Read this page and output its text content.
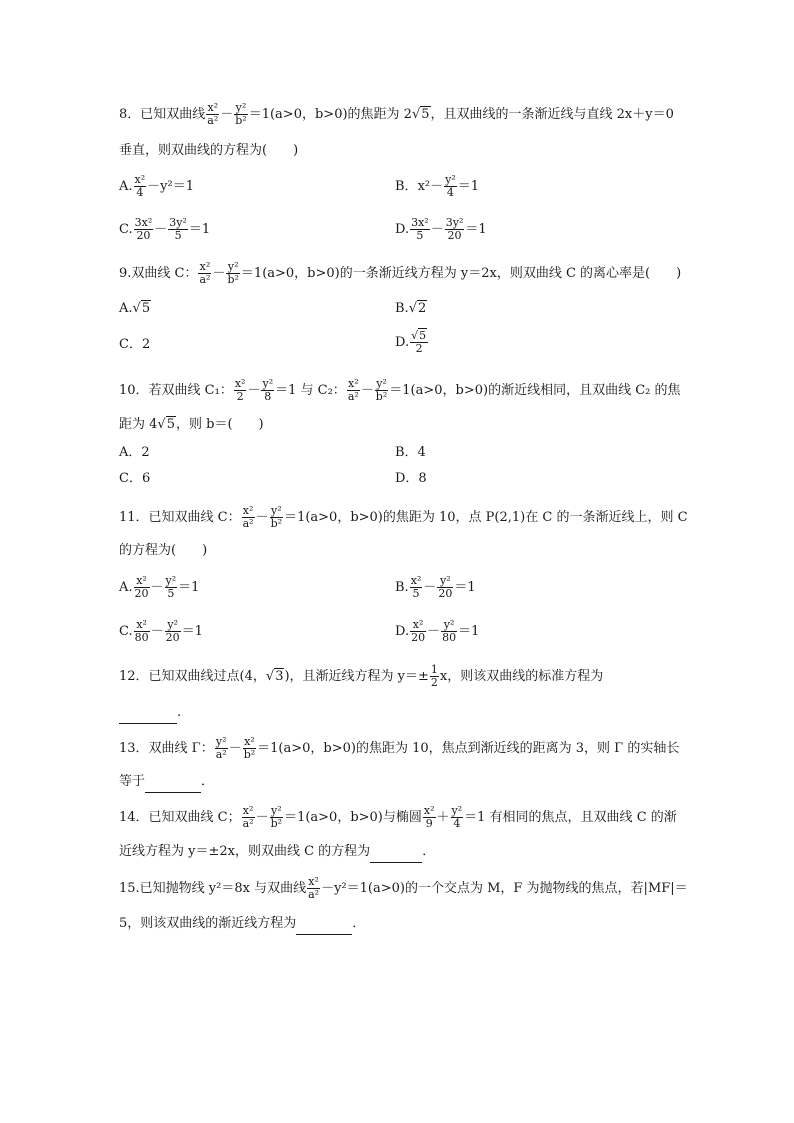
8．已知双曲线 $\frac{\text{x²}}{\text{a²}} - \frac{\text{y²}}{\text{b²}} =1(a>0$，b>0)的焦距为 2√5，且双曲线的一条渐近线与直线 2x＋y＝0
垂直，则双曲线的方程为(　　)
A. $\frac{\text{x²}}{4} -y^2=1$	B．$x^2- \frac{\text{y²}}{4} =1$
C. $\frac{\text{3x²}}{20} - \frac{\text{3y²}}{5} =1$	D. $\frac{\text{3x²}}{5} - \frac{\text{3y²}}{20} =1$
9.双曲线 C： $\frac{\text{x²}}{\text{a²}} - \frac{\text{y²}}{\text{b²}} =1(a>0$，b>0)的一条渐近线方程为 y＝2x，则双曲线 C 的离心率是(　　)
A.√5	B.√2
C．2	D. $\frac{√5}{2}$
10．若双曲线 C₁： $\frac{\text{x²}}{2} - \frac{\text{y²}}{8} =1$ 与 C₂： $\frac{\text{x²}}{\text{a²}} - \frac{\text{y²}}{\text{b²}} =1(a>0$，b>0)的渐近线相同，且双曲线 C₂ 的焦
距为 4√5，则 b＝(　　)
A．2	B．4
C．6	D．8
11．已知双曲线 C： $\frac{\text{x²}}{\text{a²}} - \frac{\text{y²}}{\text{b²}} =1(a>0$，b>0)的焦距为 10，点 P(2,1)在 C 的一条渐近线上，则 C
的方程为(　　)
A. $\frac{\text{x²}}{20} - \frac{\text{y²}}{5} =1$	B. $\frac{\text{x²}}{5} - \frac{\text{y²}}{20} =1$
C. $\frac{\text{x²}}{80} - \frac{\text{y²}}{20} =1$	D. $\frac{\text{x²}}{20} - \frac{\text{y²}}{80} =1$
12．已知双曲线过点(4，√3)，且渐近线方程为 $y=\pm \frac{1}{2}$ x，则该双曲线的标准方程为
.
13．双曲线 Γ： $\frac{\text{y²}}{\text{a²}} - \frac{\text{x²}}{\text{b²}} =1(a>0$，b>0)的焦距为 10，焦点到渐近线的距离为 3，则 Γ 的实轴长
等于	．
14．已知双曲线 C； $\frac{\text{x²}}{\text{a²}} - \frac{\text{y²}}{\text{b²}} =1(a>0$，b>0)与椭圆 $\frac{\text{x²}}{9} + \frac{\text{y²}}{4} =1$ 有相同的焦点，且双曲线 C 的渐
近线方程为 y＝±2x，则双曲线 C 的方程为	．
15.已知抛物线 y²＝8x 与双曲线 $\frac{\text{x²}}{\text{a²}} -y^2=1(a>0)$的一个交点为 M，F 为抛物线的焦点，若|MF|＝
5，则该双曲线的渐近线方程为	．
